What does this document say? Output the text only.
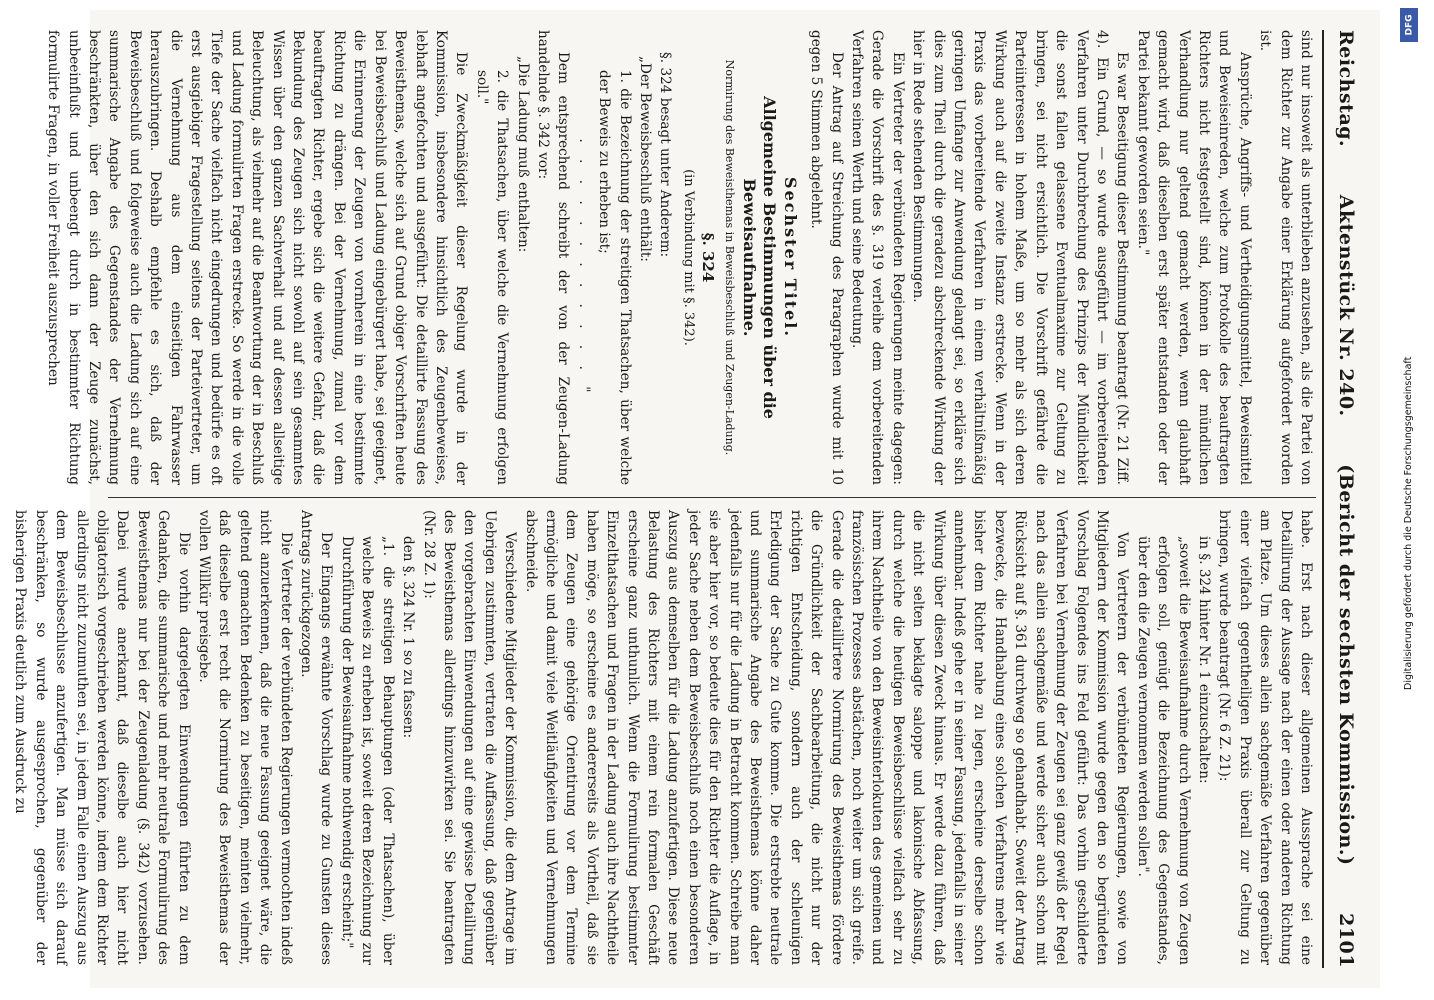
Reichstag.
Aktenstück Nr. 240.
(Bericht der sechsten Kommission.)
2101

sind nur insoweit als unterblieben anzusehen, als die Partei von dem Richter zur Angabe einer Erklärung aufgefordert worden ist.

Ansprüche, Angriffs- und Vertheidigungsmittel, Beweismittel und Beweiseinreden, welche zum Protokolle des beauftragten Richters nicht festgestellt sind, können in der mündlichen Verhandlung nur geltend gemacht werden, wenn glaubhaft gemacht wird, daß dieselben erst später entstanden oder der Partei bekannt geworden seien."

Es war Beseitigung dieser Bestimmung beantragt (Nr. 21 Ziff. 4). Ein Grund, — so wurde ausgeführt — im vorbereitenden Verfahren unter Durchbrechung des Prinzips der Mündlichkeit die sonst fallen gelassene Eventualmaxime zur Geltung zu bringen, sei nicht ersichtlich. Die Vorschrift gefährde die Parteiinteressen in hohem Maße, um so mehr als sich deren Wirkung auch auf die zweite Instanz erstrecke. Wenn in der Praxis das vorbereitende Verfahren in einem verhältnißmäßig geringen Umfange zur Anwendung gelangt sei, so erkläre sich dies zum Theil durch die geradezu abschreckende Wirkung der hier in Rede stehenden Bestimmungen.

Ein Vertreter der verbündeten Regierungen meinte dagegen: Gerade die Vorschrift des §. 319 verleihe dem vorbereitenden Verfahren seinen Werth und seine Bedeutung.

Der Antrag auf Streichung des Paragraphen wurde mit 10 gegen 5 Stimmen abgelehnt.

Sechster Titel.
Allgemeine Bestimmungen über die Beweisaufnahme.
Normirung des Beweisthemas in Beweisbeschluß und Zeugen-Ladung.
§. 324
(in Verbindung mit §. 342).

§. 324 besagt unter Anderem:

„Der Beweisbeschluß enthält:

1. die Bezeichnung der streitigen Thatsachen, über welche der Beweis zu erheben ist;

. . . . . . . . . . . . "

Dem entsprechend schreibt der von der Zeugen-Ladung handelnde §. 342 vor:

„Die Ladung muß enthalten:

2. die Thatsachen, über welche die Vernehmung erfolgen soll."

Die Zweckmäßigkeit dieser Regelung wurde in der Kommission, insbesondere hinsichtlich des Zeugenbeweises, lebhaft angefochten und ausgeführt: Die detaillirte Fassung des Beweisthemas, welche sich auf Grund obiger Vorschriften heute bei Beweisbeschluß und Ladung eingebürgert habe, sei geeignet, die Erinnerung der Zeugen von vornherein in eine bestimmte Richtung zu drängen. Bei der Vernehmung, zumal vor dem beauftragten Richter, ergebe sich die weitere Gefahr, daß die Bekundung des Zeugen sich nicht sowohl auf sein gesammtes Wissen über den ganzen Sachverhalt und auf dessen allseitige Beleuchtung, als vielmehr auf die Beantwortung der in Beschluß und Ladung formulirten Fragen erstrecke. So werde in die volle Tiefe der Sache vielfach nicht eingedrungen und bedürfe es oft erst ausgiebiger Fragestellung seitens der Parteivertreter, um die Vernehmung aus dem einseitigen Fahrwasser herauszubringen. Deshalb empfehle es sich, daß der Beweisbeschluß und folgeweise auch die Ladung sich auf eine summarische Angabe des Gegenstandes der Vernehmung beschränkten, über den sich dann der Zeuge zunächst, unbeeinflußt und unbeengt durch in bestimmter Richtung formulirte Fragen, in voller Freiheit auszusprechen

habe. Erst nach dieser allgemeinen Aussprache sei eine Detaillirung der Aussage nach der einen oder anderen Richtung am Platze. Um dieses allein sachgemäße Verfahren gegenüber einer vielfach gegentheiligen Praxis überall zur Geltung zu bringen, wurde beantragt (Nr. 6 Z. 21):

in §. 324 hinter Nr. 1 einzuschalten:

„soweit die Beweisaufnahme durch Vernehmung von Zeugen erfolgen soll, genügt die Bezeichnung des Gegenstandes, über den die Zeugen vernommen werden sollen".

Von Vertretern der verbündeten Regierungen, sowie von Mitgliedern der Kommission wurde gegen den so begründeten Vorschlag Folgendes ins Feld geführt: Das vorhin geschilderte Verfahren bei Vernehmung der Zeugen sei ganz gewiß der Regel nach das allein sachgemäße und werde sicher auch schon mit Rücksicht auf §. 361 durchweg so gehandhabt. Soweit der Antrag bezwecke, die Handhabung eines solchen Verfahrens mehr wie bisher dem Richter nahe zu legen, erscheine derselbe schon annehmbar. Indeß gehe er in seiner Fassung, jedenfalls in seiner Wirkung über diesen Zweck hinaus. Er werde dazu führen, daß die nicht selten beklagte saloppe und lakonische Abfassung, durch welche die heutigen Beweisbeschlüsse vielfach sehr zu ihrem Nachtheile von den Beweisinterlokuten des gemeinen und französischen Prozesses abstächen, noch weiter um sich greife. Gerade die detaillirtere Normirung des Beweisthemas fördere die Gründlichkeit der Sachbearbeitung, die nicht nur der richtigen Entscheidung, sondern auch der schleunigen Erledigung der Sache zu Gute komme. Die erstrebte neutrale und summarische Angabe des Beweisthemas könne daher jedenfalls nur für die Ladung in Betracht kommen. Schreibe man sie aber hier vor, so bedeute dies für den Richter die Auflage, in jeder Sache neben dem Beweisbeschluß noch einen besonderen Auszug aus demselben für die Ladung anzufertigen. Diese neue Belastung des Richters mit einem rein formalen Geschäft erscheine ganz unthunlich. Wenn die Formulirung bestimmter Einzelthatsachen und Fragen in der Ladung auch ihre Nachtheile haben möge, so erscheine es andererseits als Vortheil, daß sie dem Zeugen eine gehörige Orientirung vor dem Termine ermögliche und damit viele Weitläufigkeiten und Vernehmungen abschneide.

Verschiedene Mitglieder der Kommission, die dem Antrage im Uebrigen zustimmten, vertraten die Auffassung, daß gegenüber den vorgebrachten Einwendungen auf eine gewisse Detaillirung des Beweisthemas allerdings hinzuwirken sei. Sie beantragten (Nr. 28 Z. 1):

den §. 324 Nr. 1 so zu fassen:

„1. die streitigen Behauptungen (oder Thatsachen), über welche Beweis zu erheben ist, soweit deren Bezeichnung zur Durchführung der Beweisaufnahme nothwendig erscheint;"

Der Eingangs erwähnte Vorschlag wurde zu Gunsten dieses Antrags zurückgezogen.

Die Vertreter der verbündeten Regierungen vermochten indeß nicht anzuerkennen, daß die neue Fassung geeignet wäre, die geltend gemachten Bedenken zu beseitigen, meinten vielmehr, daß dieselbe erst recht die Normirung des Beweisthemas der vollen Willkür preisgebe.

Die vorhin dargelegten Einwendungen führten zu dem Gedanken, die summarische und mehr neutrale Formulirung des Beweisthemas nur bei der Zeugenladung (§. 342) vorzusehen. Dabei wurde anerkannt, daß dieselbe auch hier nicht obligatorisch vorgeschrieben werden könne, indem dem Richter allerdings nicht zuzumuthen sei, in jedem Falle einen Auszug aus dem Beweisbeschlusse anzufertigen. Man müsse sich darauf beschränken, so wurde ausgesprochen, gegenüber der bisherigen Praxis deutlich zum Ausdruck zu

DFG
Digitalisierung gefördert durch die Deutsche Forschungsgemeinschaft
